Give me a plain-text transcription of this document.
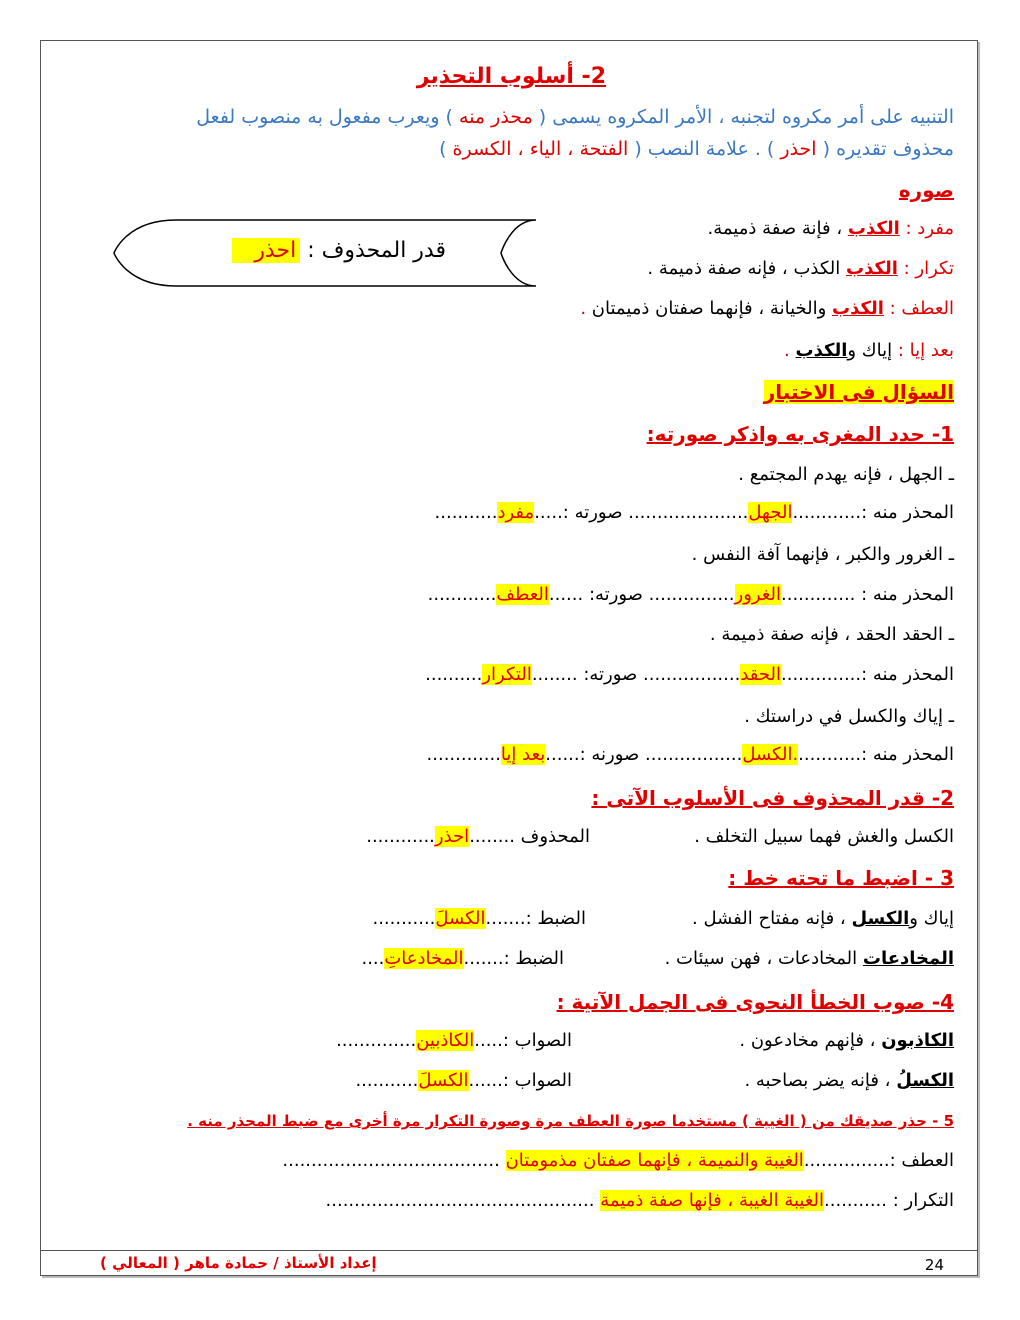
2- أسلوب التحذير
التنبيه على أمر مكروه لتجنبه ، الأمر المكروه يسمى ( محذر منه ) ويعرب مفعول به منصوب لفعل
محذوف تقديره ( احذر ) . علامة النصب ( الفتحة ، الياء ، الكسرة )
صوره
مفرد : الكذب ، فإنة صفة ذميمة.
تكرار : الكذب الكذب ، فإنه صفة ذميمة .
العطف : الكذب والخيانة ، فإنهما صفتان ذميمتان .
بعد إيا : إياك والكذب .
قدر المحذوف : احذر
السؤال فى الاختبار
1- حدد المغرى به واذكر صورته:
ـ الجهل ، فإنه يهدم المجتمع .
المحذر منه :............الجهل..................... صورته :.....مفرد...........
ـ الغرور والكبر ، فإنهما آفة النفس .
المحذر منه : .............الغرور............... صورته: ......العطف............
ـ الحقد الحقد ، فإنه صفة ذميمة .
المحذر منه :..............الحقد................. صورته: ........التكرار..........
ـ إياك والكسل في دراستك .
المحذر منه :............الكسل................. صورنه :......بعد إيا.............
2- قدر المحذوف فى الأسلوب الآتى :
الكسل والغش فهما سبيل التخلف .
المحذوف ........احذر............
3 - اضبط ما تحته خط :
إياك والكسل ، فإنه مفتاح الفشل .
الضبط :.......الكسلَ...........
المخادعات المخادعات ، فهن سيئات .
الضبط :.......المخادعاتِ....
4- صوب الخطأ النحوى فى الجمل الآتية :
الكاذبون ، فإنهم مخادعون .
الصواب :.....الكاذبين..............
الكسلُ ، فإنه يضر بصاحبه .
الصواب :......الكسلَ...........
5 - حذر صديقك من ( الغيبة ) مستخدما صورة العطف مرة وصورة التكرار مرة أخرى مع ضبط المحذر منه .
العطف :...............الغيبة والنميمة ، فإنهما صفتان مذمومتان ......................................
التكرار : ...........الغيبة الغيبة ، فإنها صفة ذميمة ...............................................
إعداد الأستاذ / حمادة ماهر ( المعالي )	24
